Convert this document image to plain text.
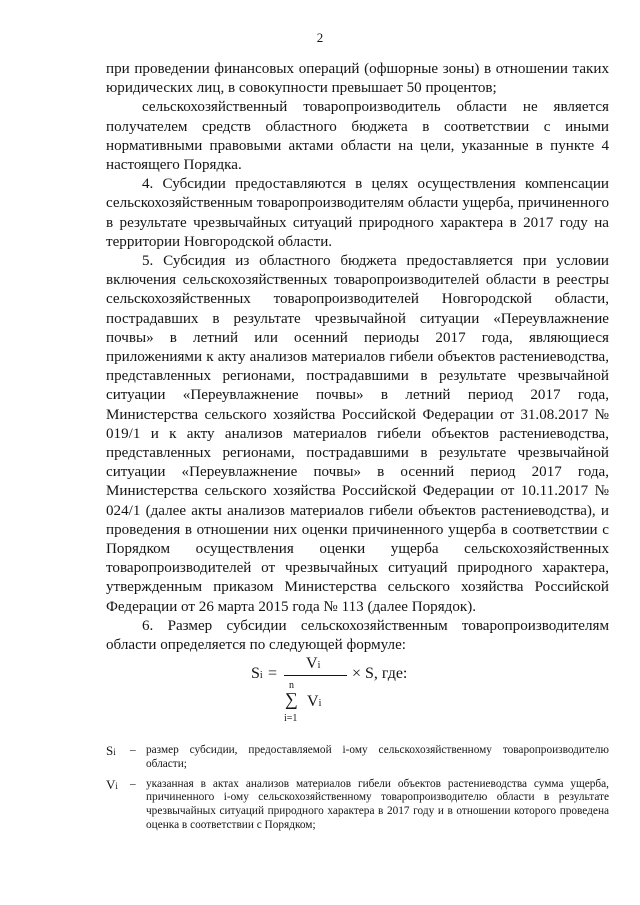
2

при проведении финансовых операций (офшорные зоны) в отношении таких юридических лиц, в совокупности превышает 50 процентов;

сельскохозяйственный товаропроизводитель области не является получателем средств областного бюджета в соответствии с иными нормативными правовыми актами области на цели, указанные в пункте 4 настоящего Порядка.

4. Субсидии предоставляются в целях осуществления компенсации сельскохозяйственным товаропроизводителям области ущерба, причиненного в результате чрезвычайных ситуаций природного характера в 2017 году на территории Новгородской области.

5. Субсидия из областного бюджета предоставляется при условии включения сельскохозяйственных товаропроизводителей области в реестры сельскохозяйственных товаропроизводителей Новгородской области, пострадавших в результате чрезвычайной ситуации «Переувлажнение почвы» в летний или осенний периоды 2017 года, являющиеся приложениями к акту анализов материалов гибели объектов растениеводства, представленных регионами, пострадавшими в результате чрезвычайной ситуации «Переувлажнение почвы» в летний период 2017 года, Министерства сельского хозяйства Российской Федерации от 31.08.2017 № 019/1 и к акту анализов материалов гибели объектов растениеводства, представленных регионами, пострадавшими в результате чрезвычайной ситуации «Переувлажнение почвы» в осенний период 2017 года, Министерства сельского хозяйства Российской Федерации от 10.11.2017 № 024/1 (далее акты анализов материалов гибели объектов растениеводства), и проведения в отношении них оценки причиненного ущерба в соответствии с Порядком осуществления оценки ущерба сельскохозяйственных товаропроизводителей от чрезвычайных ситуаций природного характера, утвержденным приказом Министерства сельского хозяйства Российской Федерации от 26 марта 2015 года № 113 (далее Порядок).

6. Размер субсидии сельскохозяйственным товаропроизводителям области определяется по следующей формуле:

Si =
Vi
n
∑ Vi
i=1
× S, где:
Si – размер субсидии, предоставляемой i-ому сельскохозяйственному товаропроизводителю области;
Vi – указанная в актах анализов материалов гибели объектов растениеводства сумма ущерба, причиненного i-ому сельскохозяйственному товаропроизводителю области в результате чрезвычайных ситуаций природного характера в 2017 году и в отношении которого проведена оценка в соответствии с Порядком;
